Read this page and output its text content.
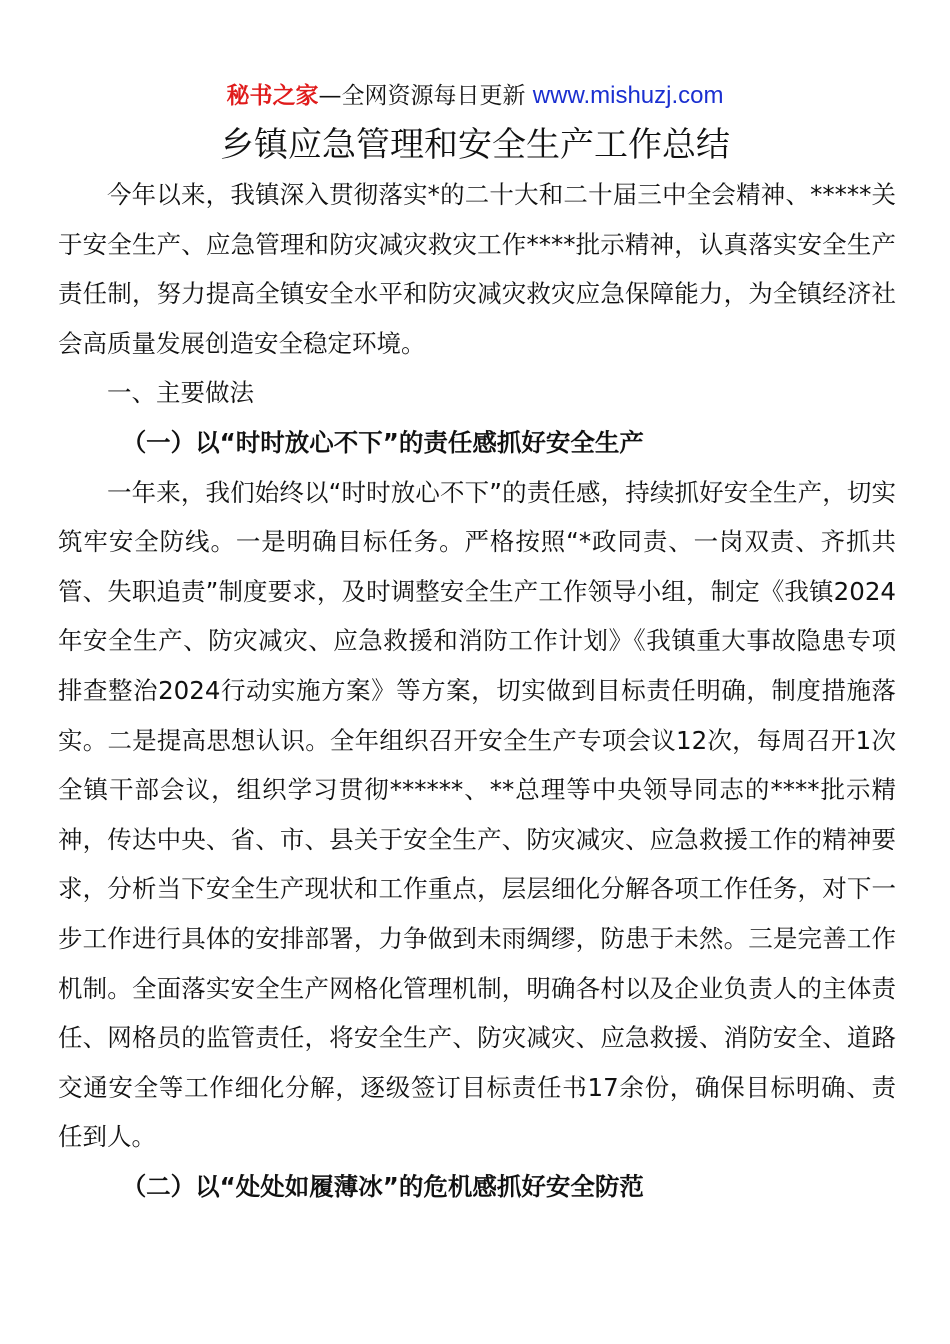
秘书之家—全网资源每日更新 www.mishuzj.com
乡镇应急管理和安全生产工作总结

今年以来，我镇深入贯彻落实*的二十大和二十届三中全会精神、*****关于安全生产、应急管理和防灾减灾救灾工作****批示精神，认真落实安全生产责任制，努力提高全镇安全水平和防灾减灾救灾应急保障能力，为全镇经济社会高质量发展创造安全稳定环境。

一、主要做法

（一）以“时时放心不下”的责任感抓好安全生产

一年来，我们始终以“时时放心不下”的责任感，持续抓好安全生产，切实筑牢安全防线。一是明确目标任务。严格按照“*政同责、一岗双责、齐抓共管、失职追责”制度要求，及时调整安全生产工作领导小组，制定《我镇2024年安全生产、防灾减灾、应急救援和消防工作计划》《我镇重大事故隐患专项排查整治2024行动实施方案》等方案，切实做到目标责任明确，制度措施落实。二是提高思想认识。全年组织召开安全生产专项会议12次，每周召开1次全镇干部会议，组织学习贯彻******、**总理等中央领导同志的****批示精神，传达中央、省、市、县关于安全生产、防灾减灾、应急救援工作的精神要求，分析当下安全生产现状和工作重点，层层细化分解各项工作任务，对下一步工作进行具体的安排部署，力争做到未雨绸缪，防患于未然。三是完善工作机制。全面落实安全生产网格化管理机制，明确各村以及企业负责人的主体责任、网格员的监管责任，将安全生产、防灾减灾、应急救援、消防安全、道路交通安全等工作细化分解，逐级签订目标责任书17余份，确保目标明确、责任到人。

（二）以“处处如履薄冰”的危机感抓好安全防范
